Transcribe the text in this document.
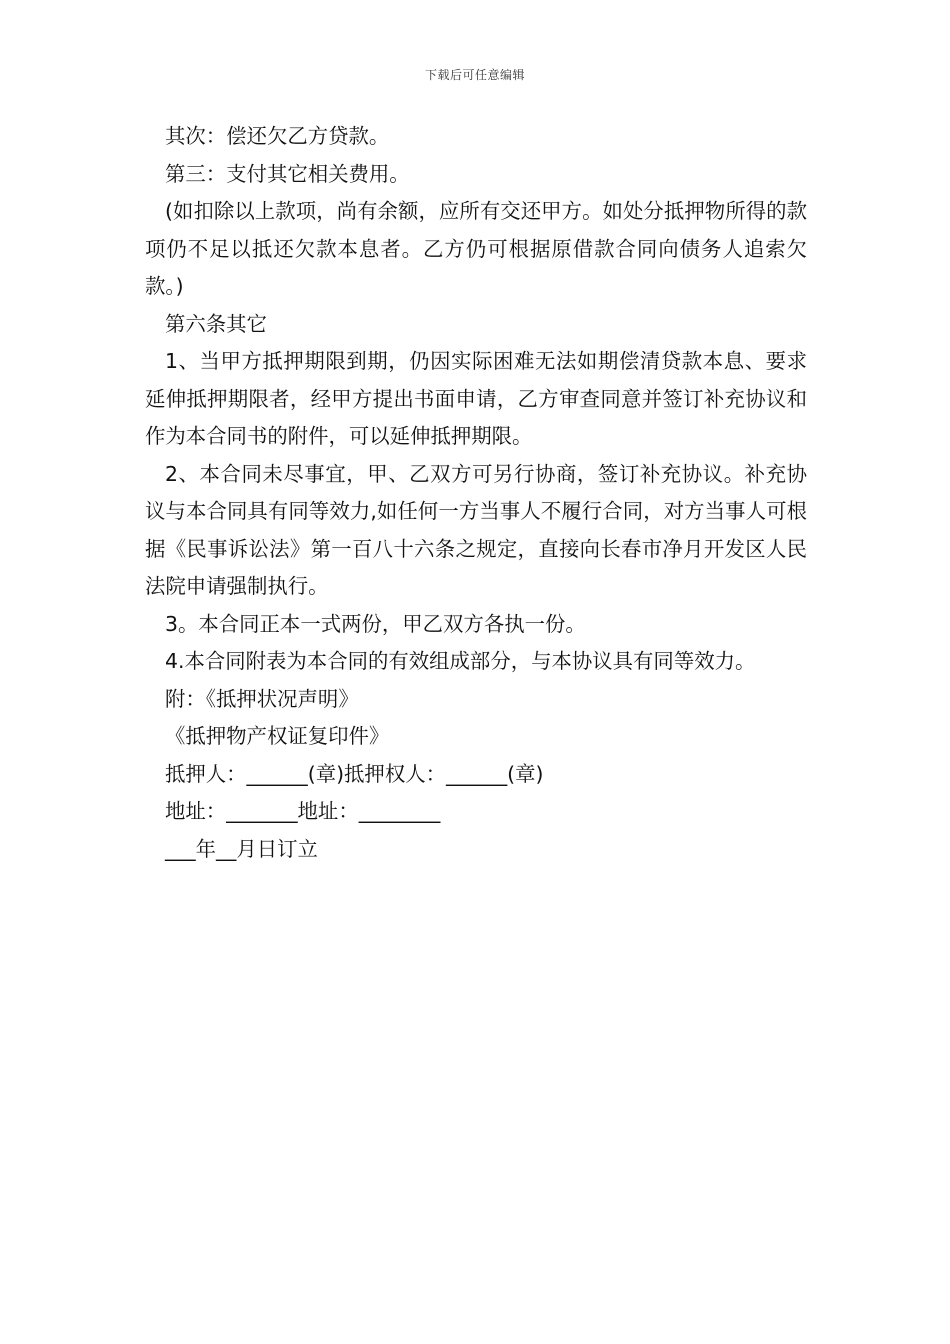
下载后可任意编辑

其次：偿还欠乙方贷款。

第三：支付其它相关费用。

(如扣除以上款项，尚有余额，应所有交还甲方。如处分抵押物所得的款项仍不足以抵还欠款本息者。乙方仍可根据原借款合同向债务人追索欠款。)

第六条其它

1、当甲方抵押期限到期，仍因实际困难无法如期偿清贷款本息、要求延伸抵押期限者，经甲方提出书面申请，乙方审查同意并签订补充协议和作为本合同书的附件，可以延伸抵押期限。

2、本合同未尽事宜，甲、乙双方可另行协商，签订补充协议。补充协议与本合同具有同等效力,如任何一方当事人不履行合同，对方当事人可根据《民事诉讼法》第一百八十六条之规定，直接向长春市净月开发区人民法院申请强制执行。

3。本合同正本一式两份，甲乙双方各执一份。

4.本合同附表为本合同的有效组成部分，与本协议具有同等效力。

附：《抵押状况声明》

《抵押物产权证复印件》

抵押人：______(章)抵押权人：______(章)

地址：_______地址：________

___年__月日订立
